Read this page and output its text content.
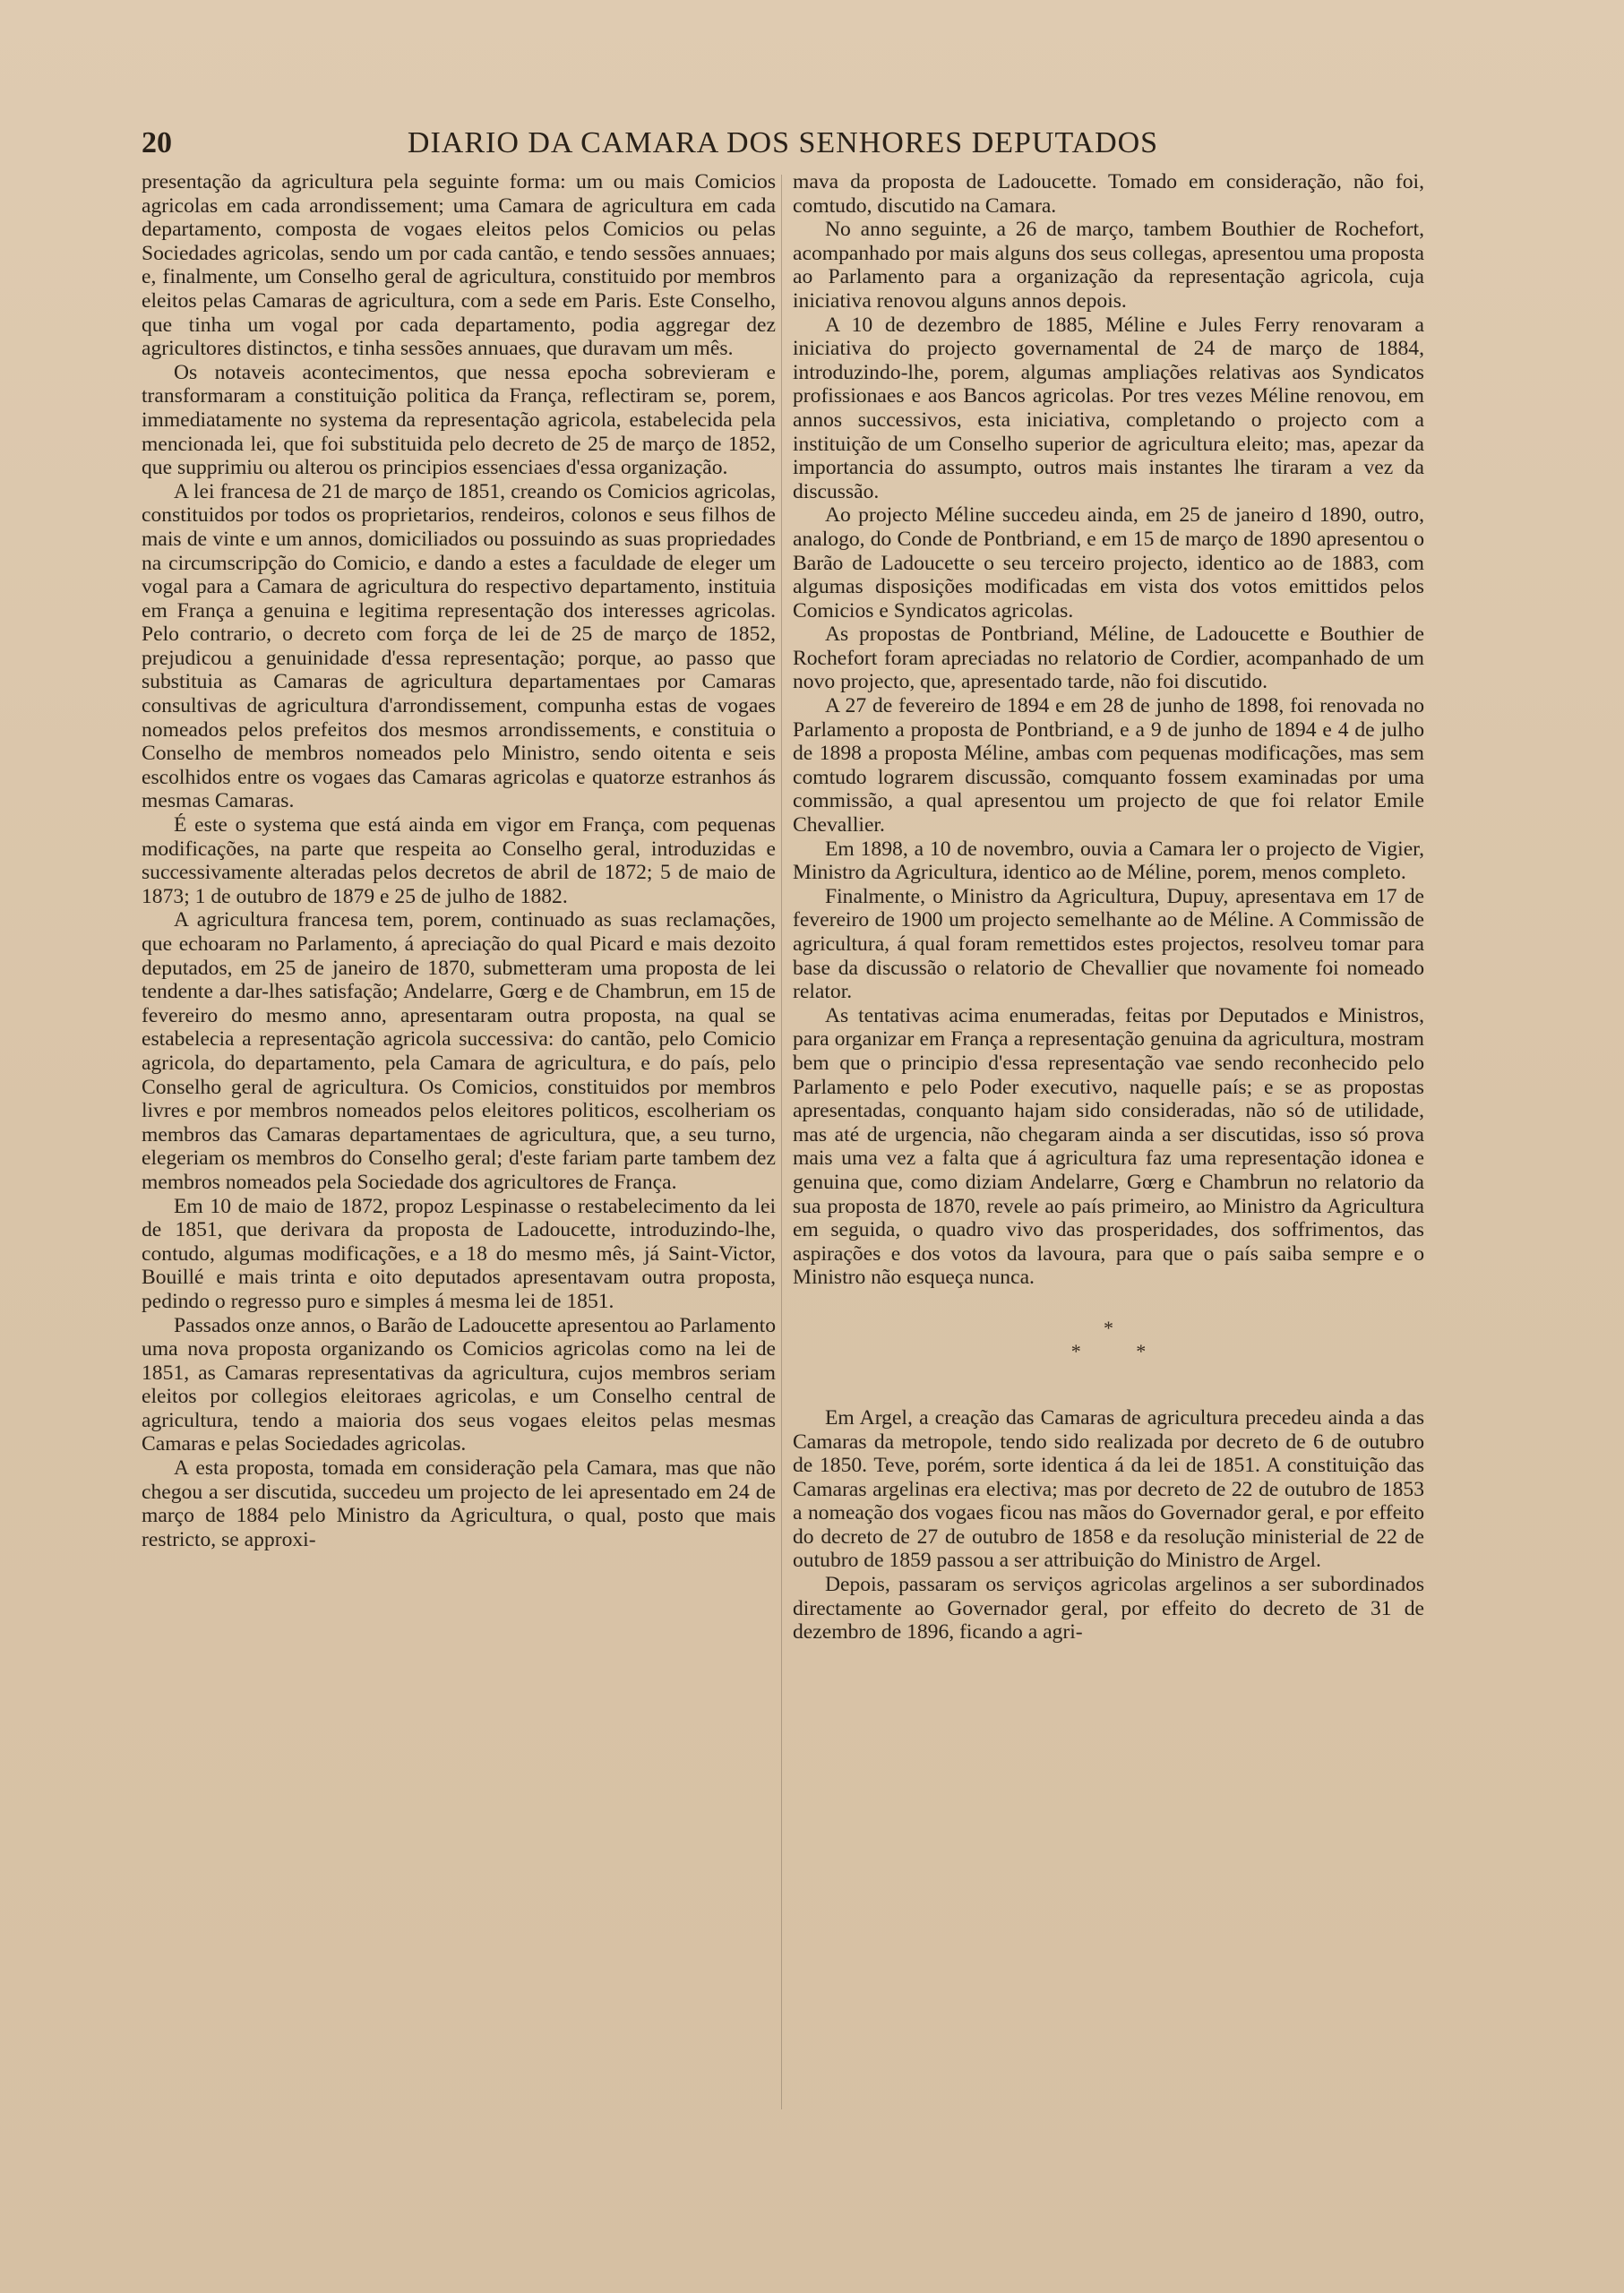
20	DIARIO DA CAMARA DOS SENHORES DEPUTADOS

presentação da agricultura pela seguinte forma: um ou mais Comicios agricolas em cada arrondissement; uma Camara de agricultura em cada departamento, composta de vogaes eleitos pelos Comicios ou pelas Sociedades agricolas, sendo um por cada cantão, e tendo sessões annuaes; e, finalmente, um Conselho geral de agricultura, constituido por membros eleitos pelas Camaras de agricultura, com a sede em Paris. Este Conselho, que tinha um vogal por cada departamento, podia aggregar dez agricultores distinctos, e tinha sessões annuaes, que duravam um mês.

Os notaveis acontecimentos, que nessa epocha sobrevieram e transformaram a constituição politica da França, reflectiram se, porem, immediatamente no systema da representação agricola, estabelecida pela mencionada lei, que foi substituida pelo decreto de 25 de março de 1852, que supprimiu ou alterou os principios essenciaes d'essa organização.

A lei francesa de 21 de março de 1851, creando os Comicios agricolas, constituidos por todos os proprietarios, rendeiros, colonos e seus filhos de mais de vinte e um annos, domiciliados ou possuindo as suas propriedades na circumscripção do Comicio, e dando a estes a faculdade de eleger um vogal para a Camara de agricultura do respectivo departamento, instituia em França a genuina e legitima representação dos interesses agricolas. Pelo contrario, o decreto com força de lei de 25 de março de 1852, prejudicou a genuinidade d'essa representação; porque, ao passo que substituia as Camaras de agricultura departamentaes por Camaras consultivas de agricultura d'arrondissement, compunha estas de vogaes nomeados pelos prefeitos dos mesmos arrondissements, e constituia o Conselho de membros nomeados pelo Ministro, sendo oitenta e seis escolhidos entre os vogaes das Camaras agricolas e quatorze estranhos ás mesmas Camaras.

É este o systema que está ainda em vigor em França, com pequenas modificações, na parte que respeita ao Conselho geral, introduzidas e successivamente alteradas pelos decretos de abril de 1872; 5 de maio de 1873; 1 de outubro de 1879 e 25 de julho de 1882.

A agricultura francesa tem, porem, continuado as suas reclamações, que echoaram no Parlamento, á apreciação do qual Picard e mais dezoito deputados, em 25 de janeiro de 1870, submetteram uma proposta de lei tendente a dar-lhes satisfação; Andelarre, Gœrg e de Chambrun, em 15 de fevereiro do mesmo anno, apresentaram outra proposta, na qual se estabelecia a representação agricola successiva: do cantão, pelo Comicio agricola, do departamento, pela Camara de agricultura, e do país, pelo Conselho geral de agricultura. Os Comicios, constituidos por membros livres e por membros nomeados pelos eleitores politicos, escolheriam os membros das Camaras departamentaes de agricultura, que, a seu turno, elegeriam os membros do Conselho geral; d'este fariam parte tambem dez membros nomeados pela Sociedade dos agricultores de França.

Em 10 de maio de 1872, propoz Lespinasse o restabelecimento da lei de 1851, que derivara da proposta de Ladoucette, introduzindo-lhe, contudo, algumas modificações, e a 18 do mesmo mês, já Saint-Victor, Bouillé e mais trinta e oito deputados apresentavam outra proposta, pedindo o regresso puro e simples á mesma lei de 1851.

Passados onze annos, o Barão de Ladoucette apresentou ao Parlamento uma nova proposta organizando os Comicios agricolas como na lei de 1851, as Camaras representativas da agricultura, cujos membros seriam eleitos por collegios eleitoraes agricolas, e um Conselho central de agricultura, tendo a maioria dos seus vogaes eleitos pelas mesmas Camaras e pelas Sociedades agricolas.

A esta proposta, tomada em consideração pela Camara, mas que não chegou a ser discutida, succedeu um projecto de lei apresentado em 24 de março de 1884 pelo Ministro da Agricultura, o qual, posto que mais restricto, se approxi-

mava da proposta de Ladoucette. Tomado em consideração, não foi, comtudo, discutido na Camara.

No anno seguinte, a 26 de março, tambem Bouthier de Rochefort, acompanhado por mais alguns dos seus collegas, apresentou uma proposta ao Parlamento para a organização da representação agricola, cuja iniciativa renovou alguns annos depois.

A 10 de dezembro de 1885, Méline e Jules Ferry renovaram a iniciativa do projecto governamental de 24 de março de 1884, introduzindo-lhe, porem, algumas ampliações relativas aos Syndicatos profissionaes e aos Bancos agricolas. Por tres vezes Méline renovou, em annos successivos, esta iniciativa, completando o projecto com a instituição de um Conselho superior de agricultura eleito; mas, apezar da importancia do assumpto, outros mais instantes lhe tiraram a vez da discussão.

Ao projecto Méline succedeu ainda, em 25 de janeiro d 1890, outro, analogo, do Conde de Pontbriand, e em 15 de março de 1890 apresentou o Barão de Ladoucette o seu terceiro projecto, identico ao de 1883, com algumas disposições modificadas em vista dos votos emittidos pelos Comicios e Syndicatos agricolas.

As propostas de Pontbriand, Méline, de Ladoucette e Bouthier de Rochefort foram apreciadas no relatorio de Cordier, acompanhado de um novo projecto, que, apresentado tarde, não foi discutido.

A 27 de fevereiro de 1894 e em 28 de junho de 1898, foi renovada no Parlamento a proposta de Pontbriand, e a 9 de junho de 1894 e 4 de julho de 1898 a proposta Méline, ambas com pequenas modificações, mas sem comtudo lograrem discussão, comquanto fossem examinadas por uma commissão, a qual apresentou um projecto de que foi relator Emile Chevallier.

Em 1898, a 10 de novembro, ouvia a Camara ler o projecto de Vigier, Ministro da Agricultura, identico ao de Méline, porem, menos completo.

Finalmente, o Ministro da Agricultura, Dupuy, apresentava em 17 de fevereiro de 1900 um projecto semelhante ao de Méline. A Commissão de agricultura, á qual foram remettidos estes projectos, resolveu tomar para base da discussão o relatorio de Chevallier que novamente foi nomeado relator.

As tentativas acima enumeradas, feitas por Deputados e Ministros, para organizar em França a representação genuina da agricultura, mostram bem que o principio d'essa representação vae sendo reconhecido pelo Parlamento e pelo Poder executivo, naquelle país; e se as propostas apresentadas, conquanto hajam sido consideradas, não só de utilidade, mas até de urgencia, não chegaram ainda a ser discutidas, isso só prova mais uma vez a falta que á agricultura faz uma representação idonea e genuina que, como diziam Andelarre, Gœrg e Chambrun no relatorio da sua proposta de 1870, revele ao país primeiro, ao Ministro da Agricultura em seguida, o quadro vivo das prosperidades, dos soffrimentos, das aspirações e dos votos da lavoura, para que o país saiba sempre e o Ministro não esqueça nunca.

*
*	*

Em Argel, a creação das Camaras de agricultura precedeu ainda a das Camaras da metropole, tendo sido realizada por decreto de 6 de outubro de 1850. Teve, porém, sorte identica á da lei de 1851. A constituição das Camaras argelinas era electiva; mas por decreto de 22 de outubro de 1853 a nomeação dos vogaes ficou nas mãos do Governador geral, e por effeito do decreto de 27 de outubro de 1858 e da resolução ministerial de 22 de outubro de 1859 passou a ser attribuição do Ministro de Argel.

Depois, passaram os serviços agricolas argelinos a ser subordinados directamente ao Governador geral, por effeito do decreto de 31 de dezembro de 1896, ficando a agri-
